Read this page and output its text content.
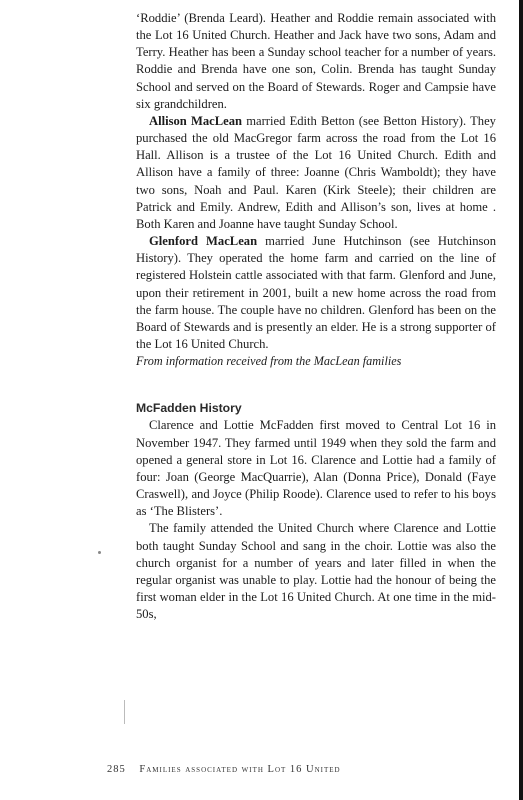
‘Roddie’ (Brenda Leard). Heather and Roddie remain associated with the Lot 16 United Church. Heather and Jack have two sons, Adam and Terry. Heather has been a Sunday school teacher for a number of years. Roddie and Brenda have one son, Colin. Brenda has taught Sunday School and served on the Board of Stewards. Roger and Campsie have six grandchildren.

Allison MacLean married Edith Betton (see Betton History). They purchased the old MacGregor farm across the road from the Lot 16 Hall. Allison is a trustee of the Lot 16 United Church. Edith and Allison have a family of three: Joanne (Chris Wamboldt); they have two sons, Noah and Paul. Karen (Kirk Steele); their children are Patrick and Emily. Andrew, Edith and Allison’s son, lives at home . Both Karen and Joanne have taught Sunday School.

Glenford MacLean married June Hutchinson (see Hutchinson History). They operated the home farm and carried on the line of registered Holstein cattle associated with that farm. Glenford and June, upon their retirement in 2001, built a new home across the road from the farm house. The couple have no children. Glenford has been on the Board of Stewards and is presently an elder. He is a strong supporter of the Lot 16 United Church.

From information received from the MacLean families

McFadden History

Clarence and Lottie McFadden first moved to Central Lot 16 in November 1947. They farmed until 1949 when they sold the farm and opened a general store in Lot 16. Clarence and Lottie had a family of four: Joan (George MacQuarrie), Alan (Donna Price), Donald (Faye Craswell), and Joyce (Philip Roode). Clarence used to refer to his boys as ‘The Blisters’.

The family attended the United Church where Clarence and Lottie both taught Sunday School and sang in the choir. Lottie was also the church organist for a number of years and later filled in when the regular organist was unable to play. Lottie had the honour of being the first woman elder in the Lot 16 United Church. At one time in the mid-50s,

285 Families associated with Lot 16 United
